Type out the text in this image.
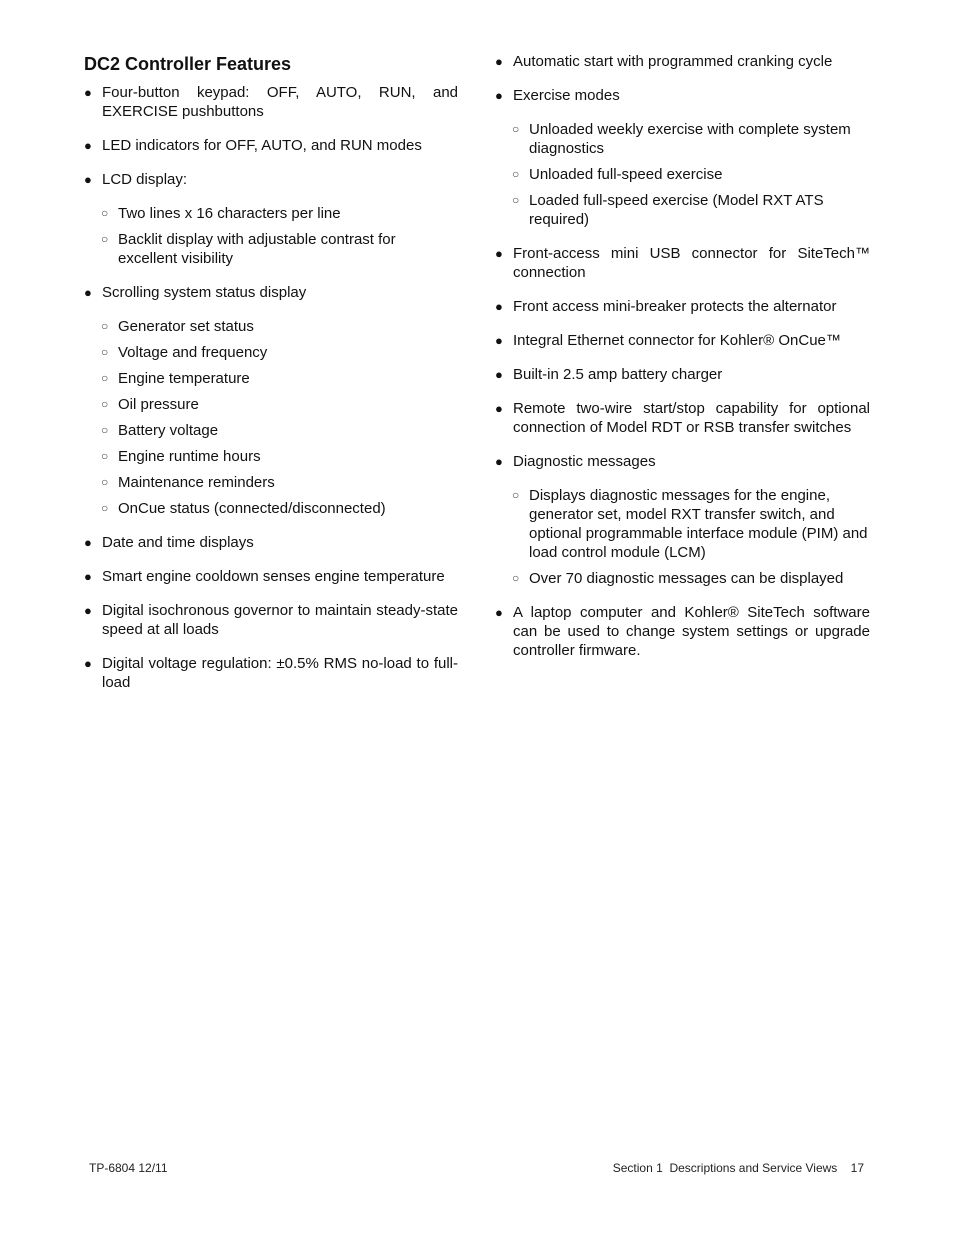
DC2 Controller Features
● Four-button keypad: OFF, AUTO, RUN, and EXERCISE pushbuttons
● LED indicators for OFF, AUTO, and RUN modes
● LCD display:
○ Two lines x 16 characters per line
○ Backlit display with adjustable contrast for excellent visibility
● Scrolling system status display
○ Generator set status
○ Voltage and frequency
○ Engine temperature
○ Oil pressure
○ Battery voltage
○ Engine runtime hours
○ Maintenance reminders
○ OnCue status (connected/disconnected)
● Date and time displays
● Smart engine cooldown senses engine temperature
● Digital isochronous governor to maintain steady-state speed at all loads
● Digital voltage regulation: ±0.5% RMS no-load to full-load
● Automatic start with programmed cranking cycle
● Exercise modes
○ Unloaded weekly exercise with complete system diagnostics
○ Unloaded full-speed exercise
○ Loaded full-speed exercise (Model RXT ATS required)
● Front-access mini USB connector for SiteTech™ connection
● Front access mini-breaker protects the alternator
● Integral Ethernet connector for Kohler® OnCue™
● Built-in 2.5 amp battery charger
● Remote two-wire start/stop capability for optional connection of Model RDT or RSB transfer switches
● Diagnostic messages
○ Displays diagnostic messages for the engine, generator set, model RXT transfer switch, and optional programmable interface module (PIM) and load control module (LCM)
○ Over 70 diagnostic messages can be displayed
● A laptop computer and Kohler® SiteTech software can be used to change system settings or upgrade controller firmware.
TP-6804 12/11	Section 1  Descriptions and Service Views    17
